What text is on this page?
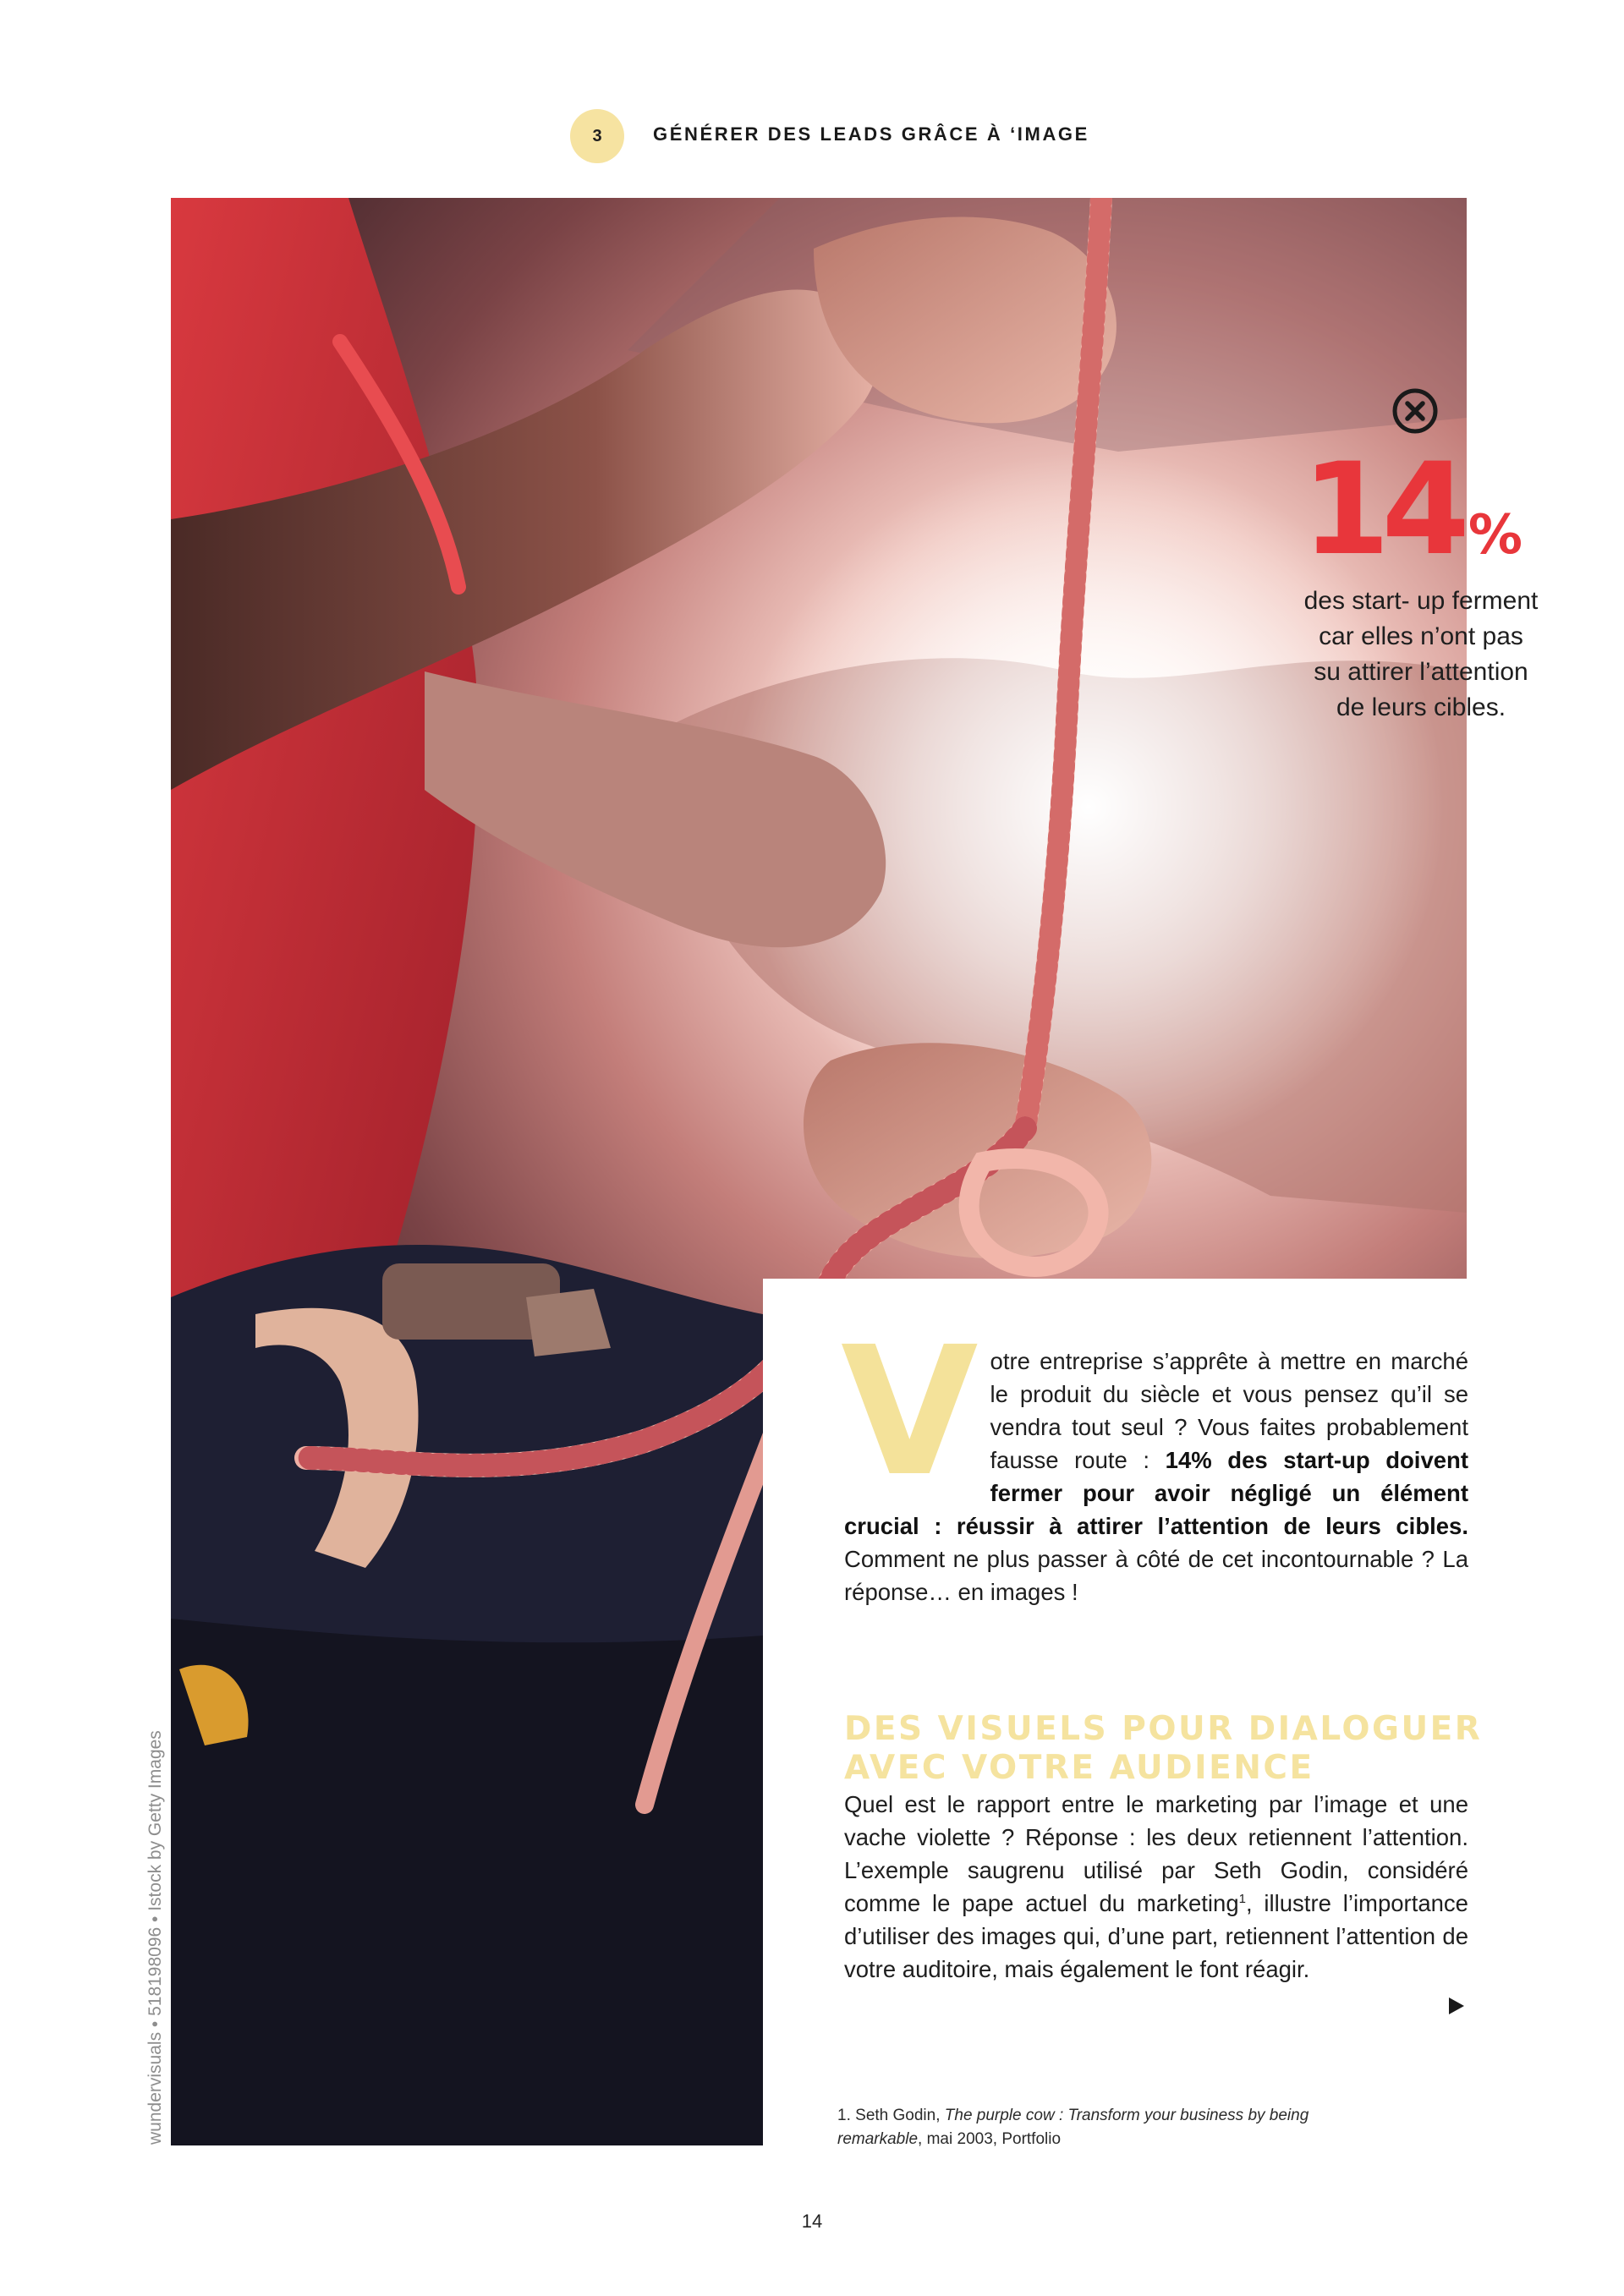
3	GÉNÉRER DES LEADS GRÂCE À ‘IMAGE
wundervisuals • 518198096 • Istock by Getty Images
14 %
des start- up ferment
car elles n’ont pas
su attirer l’attention
de leurs cibles.

Votre entreprise s’apprête à mettre en marché le produit du siècle et vous pensez qu’il se vendra tout seul ? Vous faites probablement fausse route : 14% des start-up doivent fermer pour avoir négligé un élément crucial : réussir à attirer l’attention de leurs cibles. Comment ne plus passer à côté de cet incontournable ? La réponse… en images !

DES VISUELS POUR DIALOGUER
AVEC VOTRE AUDIENCE

Quel est le rapport entre le marketing par l’image et une vache violette ? Réponse : les deux retiennent l’attention. L’exemple saugrenu utilisé par Seth Godin, considéré comme le pape actuel du marketing$^1$, illustre l’importance d’utiliser des images qui, d’une part, retiennent l’attention de votre auditoire, mais également le font réagir.

1. Seth Godin, The purple cow : Transform your business by being remarkable, mai 2003, Portfolio

14
